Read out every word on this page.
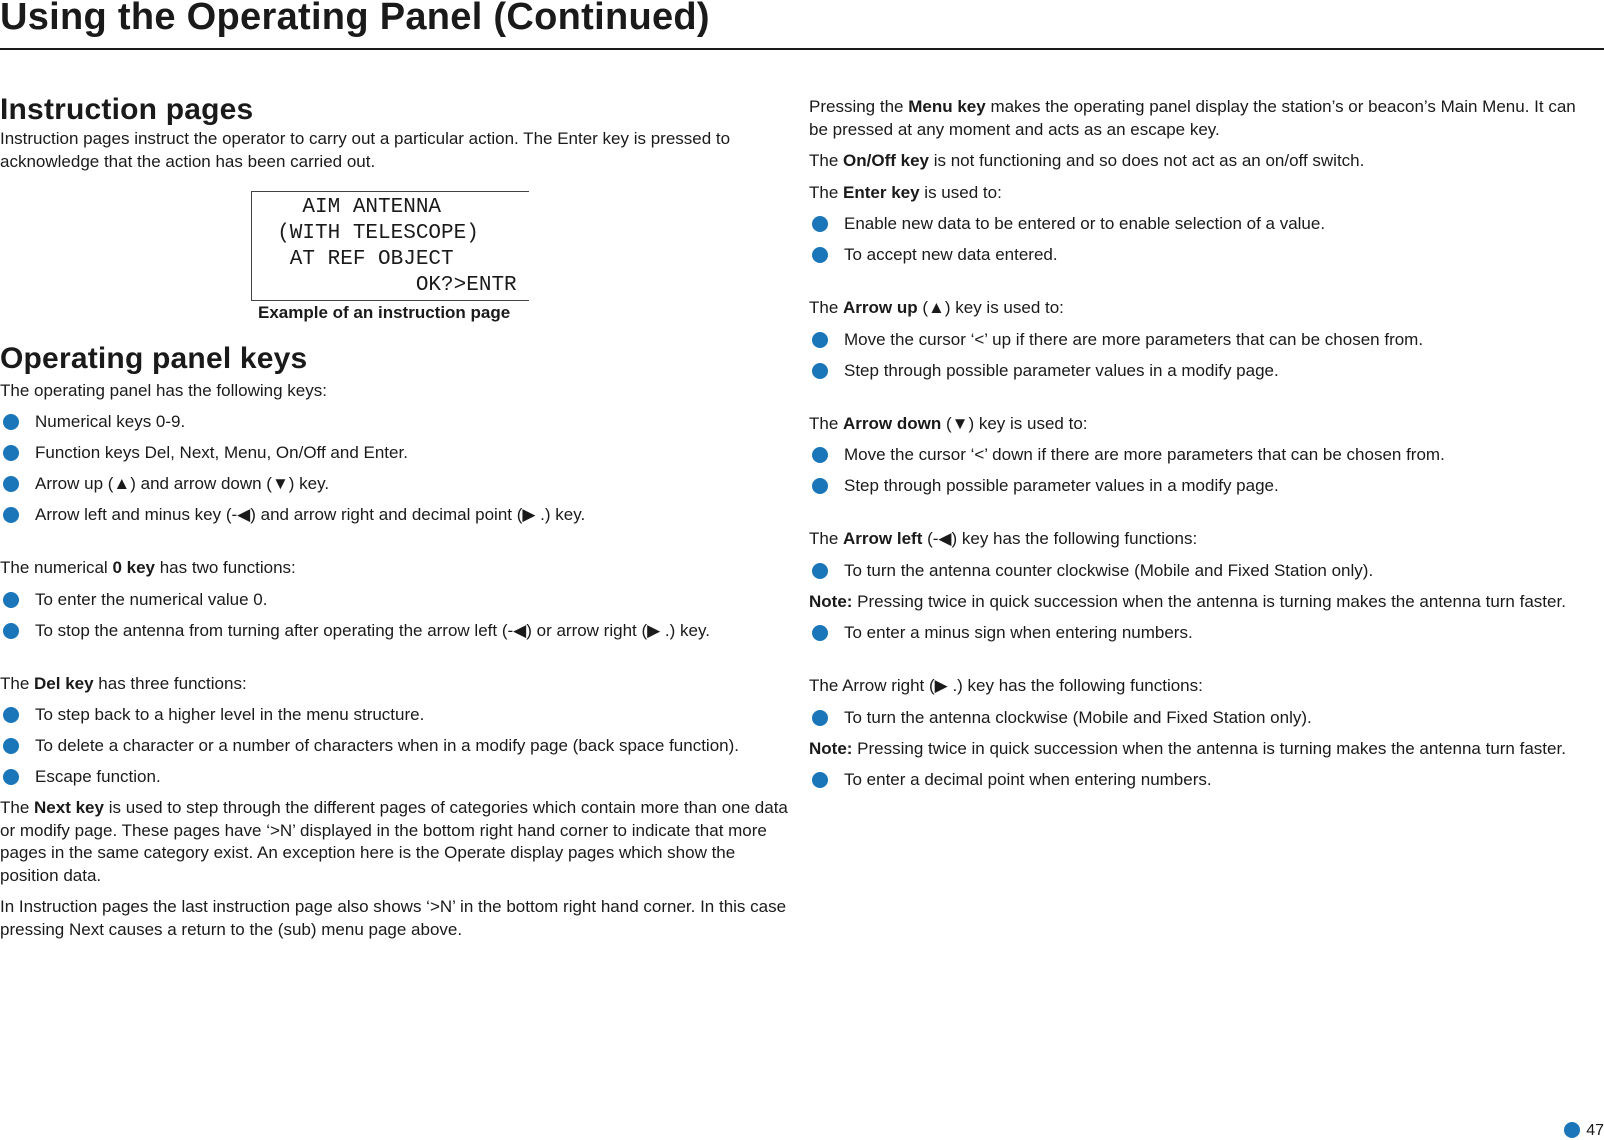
Using the Operating Panel (Continued)
Instruction pages

Instruction pages instruct the operator to carry out a particular action. The Enter key is pressed to acknowledge that the action has been carried out.

AIM ANTENNA
(WITH TELESCOPE)
AT REF OBJECT
OK?>ENTR
Example of an instruction page
Operating panel keys

The operating panel has the following keys:

Numerical keys 0-9.
Function keys Del, Next, Menu, On/Off and Enter.
Arrow up (▲) and arrow down (▼) key.
Arrow left and minus key (-◀) and arrow right and decimal point (▶ .) key.

The numerical 0 key has two functions:

To enter the numerical value 0.
To stop the antenna from turning after operating the arrow left (-◀) or arrow right (▶ .) key.

The Del key has three functions:

To step back to a higher level in the menu structure.
To delete a character or a number of characters when in a modify page (back space function).
Escape function.

The Next key is used to step through the different pages of categories which contain more than one data or modify page. These pages have ‘>N’ displayed in the bottom right hand corner to indicate that more pages in the same category exist. An exception here is the Operate display pages which show the position data.

In Instruction pages the last instruction page also shows ‘>N’ in the bottom right hand corner. In this case pressing Next causes a return to the (sub) menu page above.

Pressing the Menu key makes the operating panel display the station’s or beacon’s Main Menu. It can be pressed at any moment and acts as an escape key.

The On/Off key is not functioning and so does not act as an on/off switch.

The Enter key is used to:

Enable new data to be entered or to enable selection of a value.
To accept new data entered.

The Arrow up (▲) key is used to:

Move the cursor ‘<’ up if there are more parameters that can be chosen from.
Step through possible parameter values in a modify page.

The Arrow down (▼) key is used to:

Move the cursor ‘<’ down if there are more parameters that can be chosen from.
Step through possible parameter values in a modify page.

The Arrow left (-◀) key has the following functions:

To turn the antenna counter clockwise (Mobile and Fixed Station only).

Note: Pressing twice in quick succession when the antenna is turning makes the antenna turn faster.

To enter a minus sign when entering numbers.

The Arrow right (▶ .) key has the following functions:

To turn the antenna clockwise (Mobile and Fixed Station only).

Note: Pressing twice in quick succession when the antenna is turning makes the antenna turn faster.

To enter a decimal point when entering numbers.
47
